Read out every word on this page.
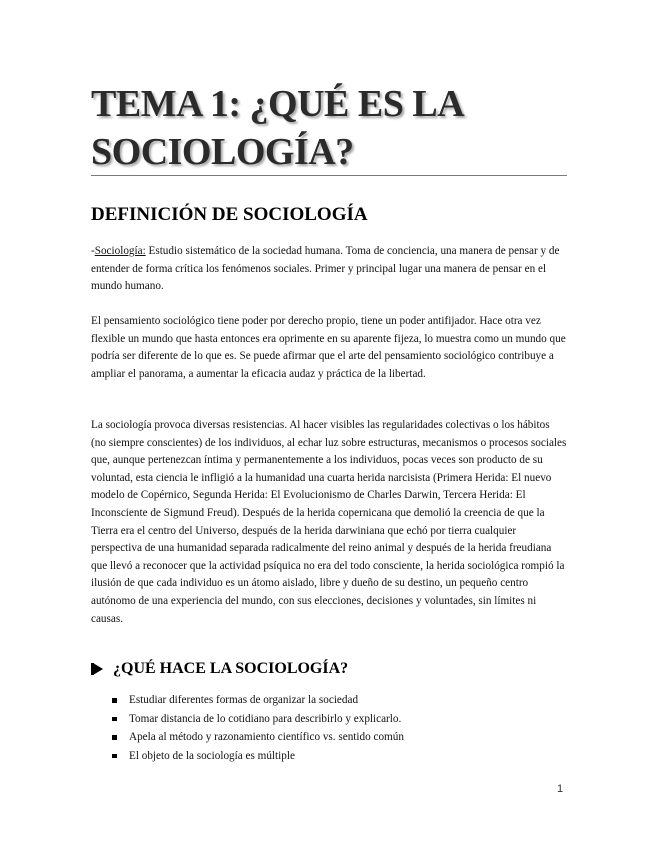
TEMA 1: ¿QUÉ ES LA
SOCIOLOGÍA?
DEFINICIÓN DE SOCIOLOGÍA

-Sociología: Estudio sistemático de la sociedad humana. Toma de conciencia, una manera de pensar y de entender de forma crítica los fenómenos sociales. Primer y principal lugar una manera de pensar en el mundo humano.

El pensamiento sociológico tiene poder por derecho propio, tiene un poder antifijador. Hace otra vez flexible un mundo que hasta entonces era oprimente en su aparente fijeza, lo muestra como un mundo que podría ser diferente de lo que es. Se puede afirmar que el arte del pensamiento sociológico contribuye a ampliar el panorama, a aumentar la eficacia audaz y práctica de la libertad.

La sociología provoca diversas resistencias. Al hacer visibles las regularidades colectivas o los hábitos (no siempre conscientes) de los individuos, al echar luz sobre estructuras, mecanismos o procesos sociales que, aunque pertenezcan íntima y permanentemente a los individuos, pocas veces son producto de su voluntad, esta ciencia le infligió a la humanidad una cuarta herida narcisista (Primera Herida: El nuevo modelo de Copérnico, Segunda Herida: El Evolucionismo de Charles Darwin, Tercera Herida: El Inconsciente de Sigmund Freud). Después de la herida copernicana que demolió la creencia de que la Tierra era el centro del Universo, después de la herida darwiniana que echó por tierra cualquier perspectiva de una humanidad separada radicalmente del reino animal y después de la herida freudiana que llevó a reconocer que la actividad psíquica no era del todo consciente, la herida sociológica rompió la ilusión de que cada individuo es un átomo aislado, libre y dueño de su destino, un pequeño centro autónomo de una experiencia del mundo, con sus elecciones, decisiones y voluntades, sin límites ni causas.

¿QUÉ HACE LA SOCIOLOGÍA?
Estudiar diferentes formas de organizar la sociedad
Tomar distancia de lo cotidiano para describirlo y explicarlo.
Apela al método y razonamiento científico vs. sentido común
El objeto de la sociología es múltiple
1
